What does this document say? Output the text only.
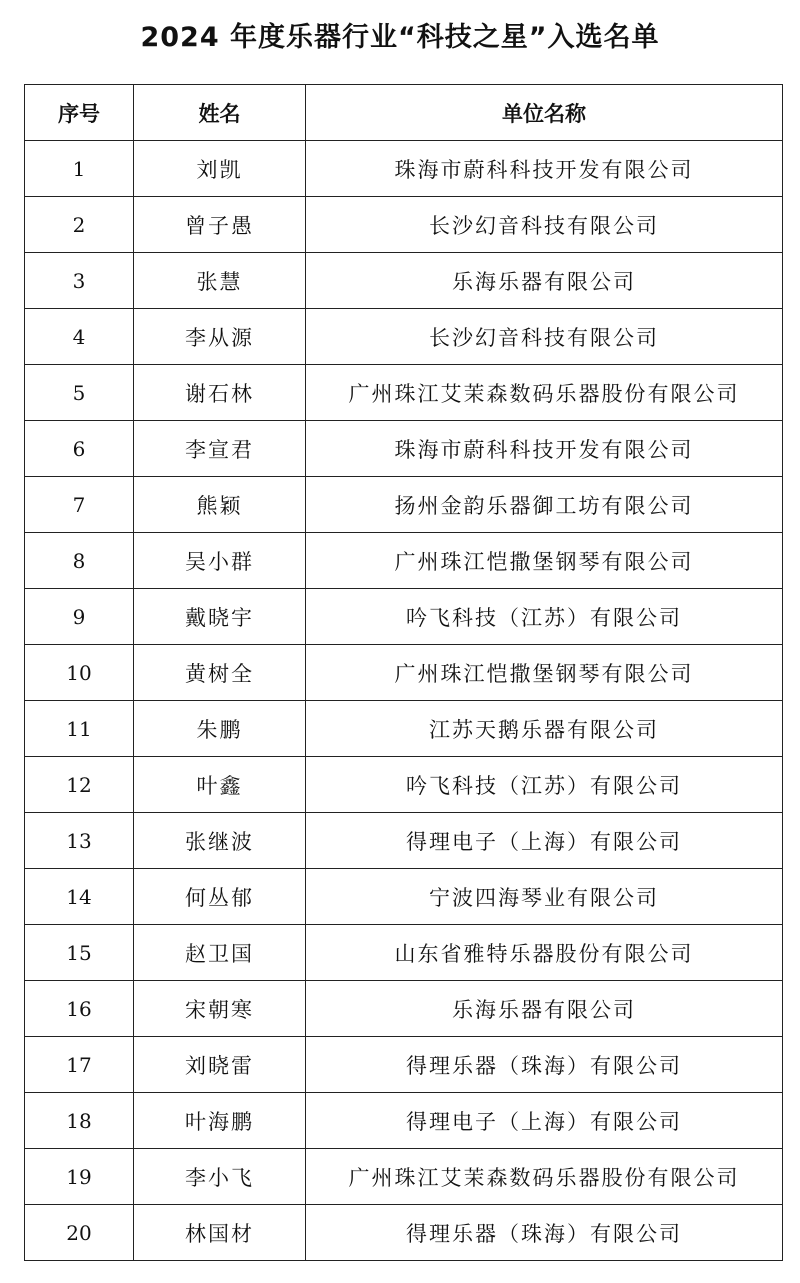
2024 年度乐器行业“科技之星”入选名单
序号	姓名	单位名称
1	刘凯	珠海市蔚科科技开发有限公司
2	曾子愚	长沙幻音科技有限公司
3	张慧	乐海乐器有限公司
4	李从源	长沙幻音科技有限公司
5	谢石林	广州珠江艾茉森数码乐器股份有限公司
6	李宣君	珠海市蔚科科技开发有限公司
7	熊颖	扬州金韵乐器御工坊有限公司
8	吴小群	广州珠江恺撒堡钢琴有限公司
9	戴晓宇	吟飞科技（江苏）有限公司
10	黄树全	广州珠江恺撒堡钢琴有限公司
11	朱鹏	江苏天鹅乐器有限公司
12	叶鑫	吟飞科技（江苏）有限公司
13	张继波	得理电子（上海）有限公司
14	何丛郁	宁波四海琴业有限公司
15	赵卫国	山东省雅特乐器股份有限公司
16	宋朝寒	乐海乐器有限公司
17	刘晓雷	得理乐器（珠海）有限公司
18	叶海鹏	得理电子（上海）有限公司
19	李小飞	广州珠江艾茉森数码乐器股份有限公司
20	林国材	得理乐器（珠海）有限公司
